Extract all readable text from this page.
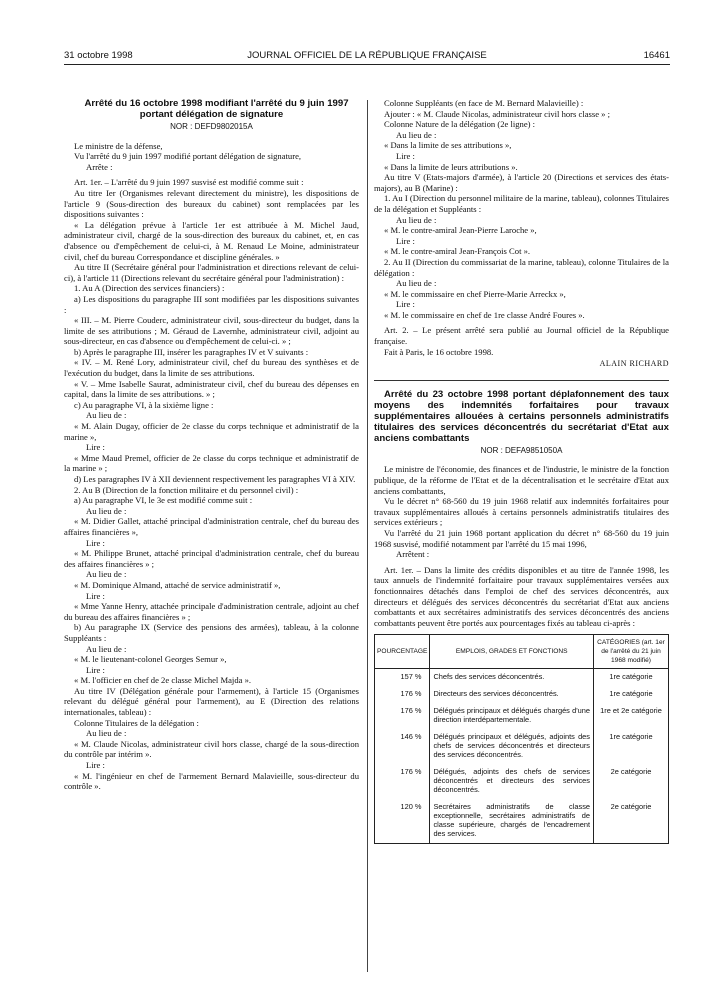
31 octobre 1998	JOURNAL OFFICIEL DE LA RÉPUBLIQUE FRANÇAISE	16461

Arrêté du 16 octobre 1998 modifiant l'arrêté du 9 juin 1997 portant délégation de signature

NOR : DEFD9802015A

Le ministre de la défense,

Vu l'arrêté du 9 juin 1997 modifié portant délégation de signature,

Arrête :

Art. 1er. – L'arrêté du 9 juin 1997 susvisé est modifié comme suit :

Au titre Ier (Organismes relevant directement du ministre), les dispositions de l'article 9 (Sous-direction des bureaux du cabinet) sont remplacées par les dispositions suivantes :

« La délégation prévue à l'article 1er est attribuée à M. Michel Jaud, administrateur civil, chargé de la sous-direction des bureaux du cabinet, et, en cas d'absence ou d'empêchement de celui-ci, à M. Renaud Le Moine, administrateur civil, chef du bureau Correspondance et discipline générales. »

Au titre II (Secrétaire général pour l'administration et directions relevant de celui-ci), à l'article 11 (Directions relevant du secrétaire général pour l'administration) :

1. Au A (Direction des services financiers) :

a) Les dispositions du paragraphe III sont modifiées par les dispositions suivantes :

« III. – M. Pierre Couderc, administrateur civil, sous-directeur du budget, dans la limite de ses attributions ; M. Géraud de Lavernhe, administrateur civil, adjoint au sous-directeur, en cas d'absence ou d'empêchement de celui-ci. » ;

b) Après le paragraphe III, insérer les paragraphes IV et V suivants :

« IV. – M. René Lory, administrateur civil, chef du bureau des synthèses et de l'exécution du budget, dans la limite de ses attributions.

« V. – Mme Isabelle Saurat, administrateur civil, chef du bureau des dépenses en capital, dans la limite de ses attributions. » ;

c) Au paragraphe VI, à la sixième ligne :

Au lieu de :

« M. Alain Dugay, officier de 2e classe du corps technique et administratif de la marine »,

Lire :

« Mme Maud Premel, officier de 2e classe du corps technique et administratif de la marine » ;

d) Les paragraphes IV à XII deviennent respectivement les paragraphes VI à XIV.

2. Au B (Direction de la fonction militaire et du personnel civil) :

a) Au paragraphe VI, le 3e est modifié comme suit :

Au lieu de :

« M. Didier Gallet, attaché principal d'administration centrale, chef du bureau des affaires financières »,

Lire :

« M. Philippe Brunet, attaché principal d'administration centrale, chef du bureau des affaires financières » ;

Au lieu de :

« M. Dominique Almand, attaché de service administratif »,

Lire :

« Mme Yanne Henry, attachée principale d'administration centrale, adjoint au chef du bureau des affaires financières » ;

b) Au paragraphe IX (Service des pensions des armées), tableau, à la colonne Suppléants :

Au lieu de :

« M. le lieutenant-colonel Georges Semur »,

Lire :

« M. l'officier en chef de 2e classe Michel Majda ».

Au titre IV (Délégation générale pour l'armement), à l'article 15 (Organismes relevant du délégué général pour l'armement), au E (Direction des relations internationales, tableau) :

Colonne Titulaires de la délégation :

Au lieu de :

« M. Claude Nicolas, administrateur civil hors classe, chargé de la sous-direction du contrôle par intérim ».

Lire :

« M. l'ingénieur en chef de l'armement Bernard Malavieille, sous-directeur du contrôle ».

Colonne Suppléants (en face de M. Bernard Malavieille) :

Ajouter : « M. Claude Nicolas, administrateur civil hors classe » ;

Colonne Nature de la délégation (2e ligne) :

Au lieu de :

« Dans la limite de ses attributions »,

Lire :

« Dans la limite de leurs attributions ».

Au titre V (Etats-majors d'armée), à l'article 20 (Directions et services des états-majors), au B (Marine) :

1. Au I (Direction du personnel militaire de la marine, tableau), colonnes Titulaires de la délégation et Suppléants :

Au lieu de :

« M. le contre-amiral Jean-Pierre Laroche »,

Lire :

« M. le contre-amiral Jean-François Cot ».

2. Au II (Direction du commissariat de la marine, tableau), colonne Titulaires de la délégation :

Au lieu de :

« M. le commissaire en chef Pierre-Marie Arreckx »,

Lire :

« M. le commissaire en chef de 1re classe André Foures ».

Art. 2. – Le présent arrêté sera publié au Journal officiel de la République française.

Fait à Paris, le 16 octobre 1998.

ALAIN RICHARD

Arrêté du 23 octobre 1998 portant déplafonnement des taux moyens des indemnités forfaitaires pour travaux supplémentaires allouées à certains personnels administratifs titulaires des services déconcentrés du secrétariat d'Etat aux anciens combattants

NOR : DEFA9851050A

Le ministre de l'économie, des finances et de l'industrie, le ministre de la fonction publique, de la réforme de l'Etat et de la décentralisation et le secrétaire d'Etat aux anciens combattants,

Vu le décret n° 68-560 du 19 juin 1968 relatif aux indemnités forfaitaires pour travaux supplémentaires alloués à certains personnels administratifs titulaires des services extérieurs ;

Vu l'arrêté du 21 juin 1968 portant application du décret n° 68-560 du 19 juin 1968 susvisé, modifié notamment par l'arrêté du 15 mai 1996,

Arrêtent :

Art. 1er. – Dans la limite des crédits disponibles et au titre de l'année 1998, les taux annuels de l'indemnité forfaitaire pour travaux supplémentaires versées aux fonctionnaires détachés dans l'emploi de chef des services déconcentrés, aux directeurs et délégués des services déconcentrés du secrétariat d'Etat aux anciens combattants et aux secrétaires administratifs des services déconcentrés des anciens combattants peuvent être portés aux pourcentages fixés au tableau ci-après :

POURCENTAGE	EMPLOIS, GRADES ET FONCTIONS	CATÉGORIES (art. 1er de l'arrêté du 21 juin 1968 modifié)
157 %	Chefs des services déconcentrés.	1re catégorie
176 %	Directeurs des services déconcentrés.	1re catégorie
176 %	Délégués principaux et délégués chargés d'une direction interdépartementale.	1re et 2e catégorie
146 %	Délégués principaux et délégués, adjoints des chefs de services déconcentrés et directeurs des services déconcentrés.	1re catégorie
176 %	Délégués, adjoints des chefs de services déconcentrés et directeurs des services déconcentrés.	2e catégorie
120 %	Secrétaires administratifs de classe exceptionnelle, secrétaires administratifs de classe supérieure, chargés de l'encadrement des services.	2e catégorie
